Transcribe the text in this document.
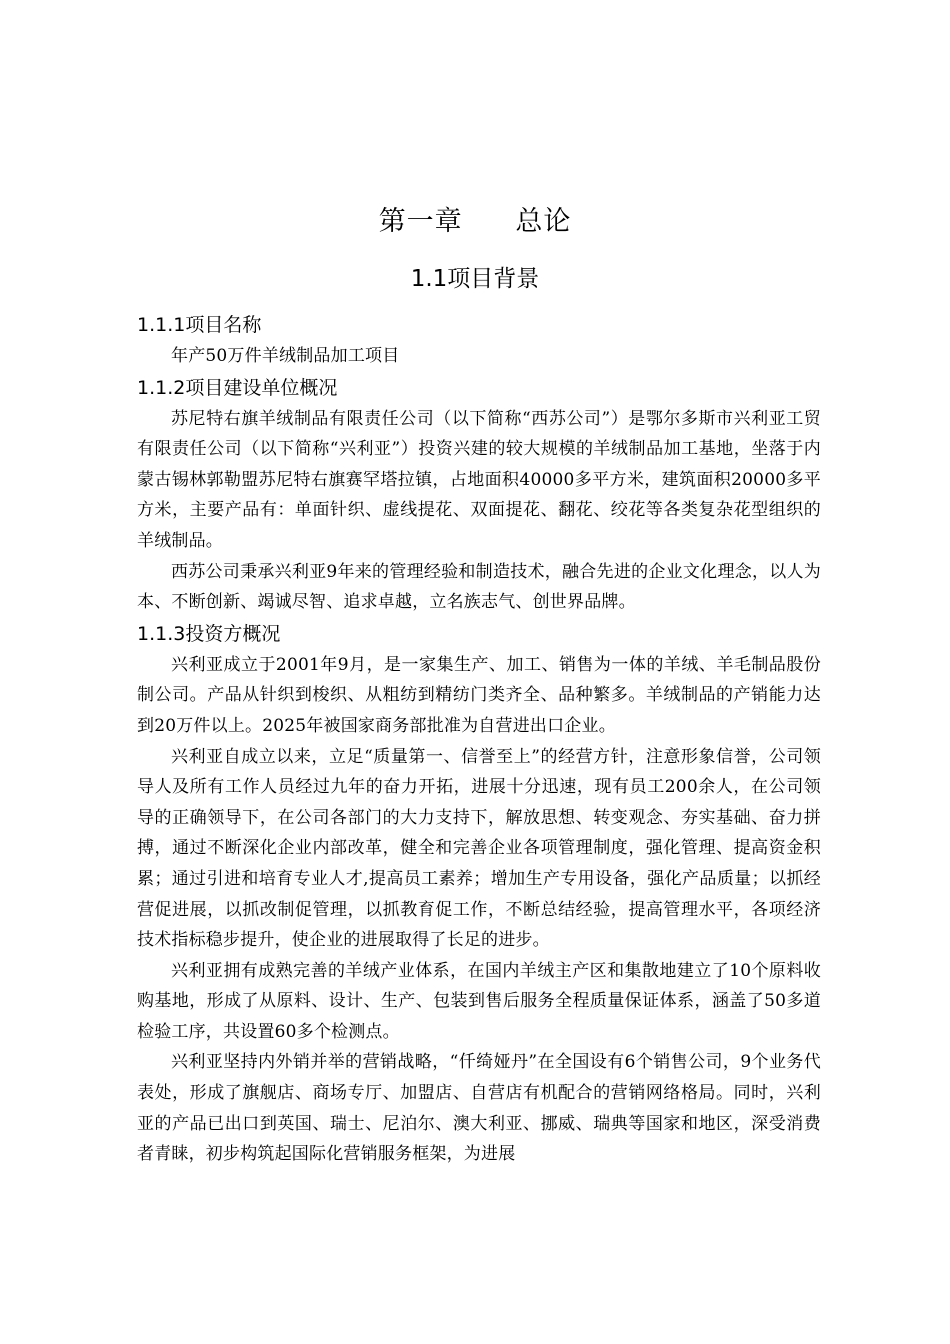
第一章   总论
1.1项目背景
1.1.1项目名称

年产50万件羊绒制品加工项目

1.1.2项目建设单位概况

苏尼特右旗羊绒制品有限责任公司（以下简称“西苏公司”）是鄂尔多斯市兴利亚工贸有限责任公司（以下简称“兴利亚”）投资兴建的较大规模的羊绒制品加工基地，坐落于内蒙古锡林郭勒盟苏尼特右旗赛罕塔拉镇，占地面积40000多平方米，建筑面积20000多平方米，主要产品有：单面针织、虚线提花、双面提花、翻花、绞花等各类复杂花型组织的羊绒制品。

西苏公司秉承兴利亚9年来的管理经验和制造技术，融合先进的企业文化理念，以人为本、不断创新、竭诚尽智、追求卓越，立名族志气、创世界品牌。

1.1.3投资方概况

兴利亚成立于2001年9月，是一家集生产、加工、销售为一体的羊绒、羊毛制品股份制公司。产品从针织到梭织、从粗纺到精纺门类齐全、品种繁多。羊绒制品的产销能力达到20万件以上。2025年被国家商务部批准为自营进出口企业。

兴利亚自成立以来，立足“质量第一、信誉至上”的经营方针，注意形象信誉，公司领导人及所有工作人员经过九年的奋力开拓，进展十分迅速，现有员工200余人，在公司领导的正确领导下，在公司各部门的大力支持下，解放思想、转变观念、夯实基础、奋力拼搏，通过不断深化企业内部改革，健全和完善企业各项管理制度，强化管理、提高资金积累；通过引进和培育专业人才,提高员工素养；增加生产专用设备，强化产品质量；以抓经营促进展，以抓改制促管理，以抓教育促工作，不断总结经验，提高管理水平，各项经济技术指标稳步提升，使企业的进展取得了长足的进步。

兴利亚拥有成熟完善的羊绒产业体系，在国内羊绒主产区和集散地建立了10个原料收购基地，形成了从原料、设计、生产、包装到售后服务全程质量保证体系，涵盖了50多道检验工序，共设置60多个检测点。

兴利亚坚持内外销并举的营销战略，“仟绮娅丹”在全国设有6个销售公司，9个业务代表处，形成了旗舰店、商场专厅、加盟店、自营店有机配合的营销网络格局。同时，兴利亚的产品已出口到英国、瑞士、尼泊尔、澳大利亚、挪威、瑞典等国家和地区，深受消费者青睐，初步构筑起国际化营销服务框架，为进展
